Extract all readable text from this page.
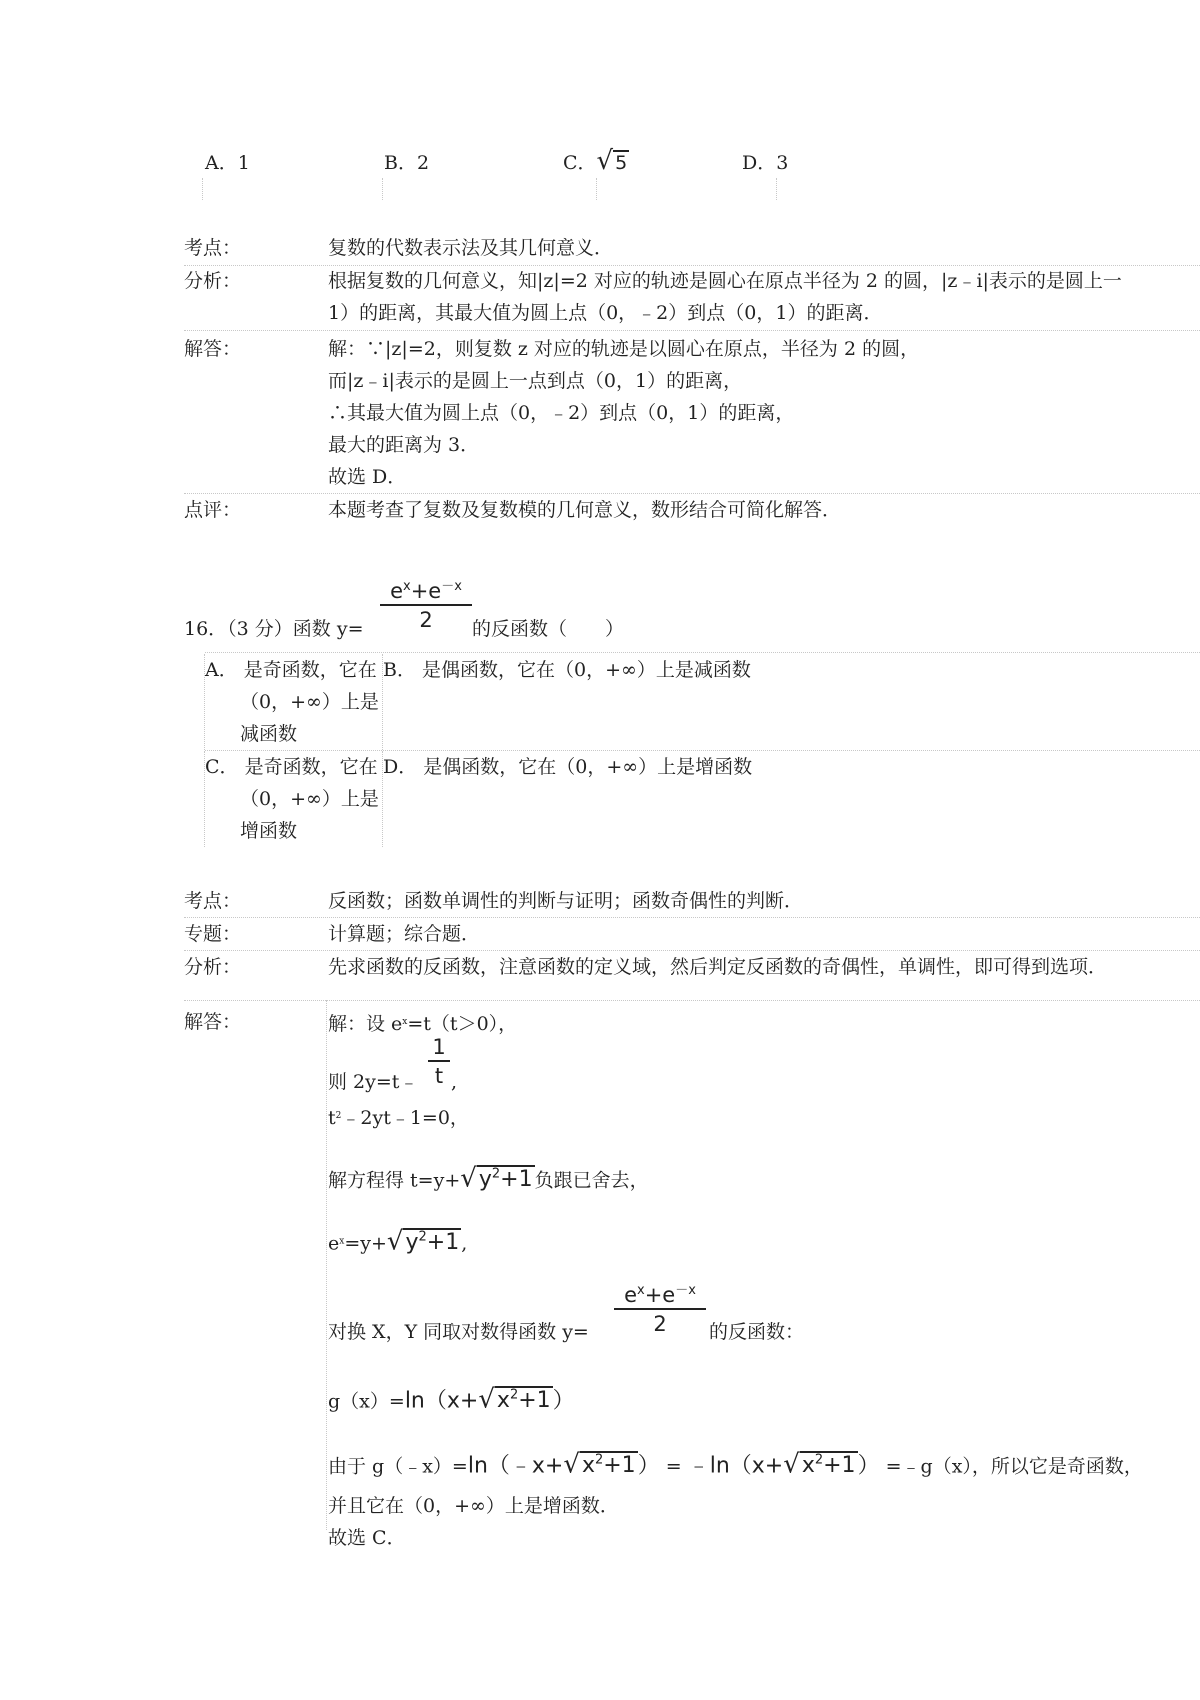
A．1	B．2	C．√ 5	D．3
考点：	复数的代数表示法及其几何意义．
分析：	根据复数的几何意义，知|z|=2 对应的轨迹是圆心在原点半径为 2 的圆，|z﹣i|表示的是圆上一
1）的距离，其最大值为圆上点（0，﹣2）到点（0，1）的距离．
解答：	解：∵|z|=2，则复数 z 对应的轨迹是以圆心在原点，半径为 2 的圆，
而|z﹣i|表示的是圆上一点到点（0，1）的距离，
∴其最大值为圆上点（0，﹣2）到点（0，1）的距离，
最大的距离为 3．
故选 D．
点评：	本题考查了复数及复数模的几何意义，数形结合可简化解答．
16．（3 分）函数 y=
$e^x+e^{-x}$
2	的反函数（　　）
A． 是奇函数，它在
（0，+∞）上是
减函数
B． 是偶函数，它在（0，+∞）上是减函数
C． 是奇函数，它在
（0，+∞）上是
增函数
D． 是偶函数，它在（0，+∞）上是增函数
考点：	反函数；函数单调性的判断与证明；函数奇偶性的判断．
专题：	计算题；综合题．
分析：	先求函数的反函数，注意函数的定义域，然后判定反函数的奇偶性，单调性，即可得到选项．
解答：	解：设 $e^x=t(t>0)$，
则 2y=t﹣
1
t ,
$t^2﹣2yt﹣1=0$，
解方程得 $t=y+√y^2+1$ 负跟已舍去，
$e^x=y+√y^2+1$ ,
对换 X，Y 同取对数得函数 y=
$e^x+e^{-x}$
2	的反函数：
$g(x)=\ln(x+√x^2+1)$
由于 $g(﹣x)=\ln(﹣x+√x^2+1)$ = $﹣\ln(x+√x^2+1)$ =﹣g（x），所以它是奇函数，
并且它在（0，+∞）上是增函数．
故选 C．
